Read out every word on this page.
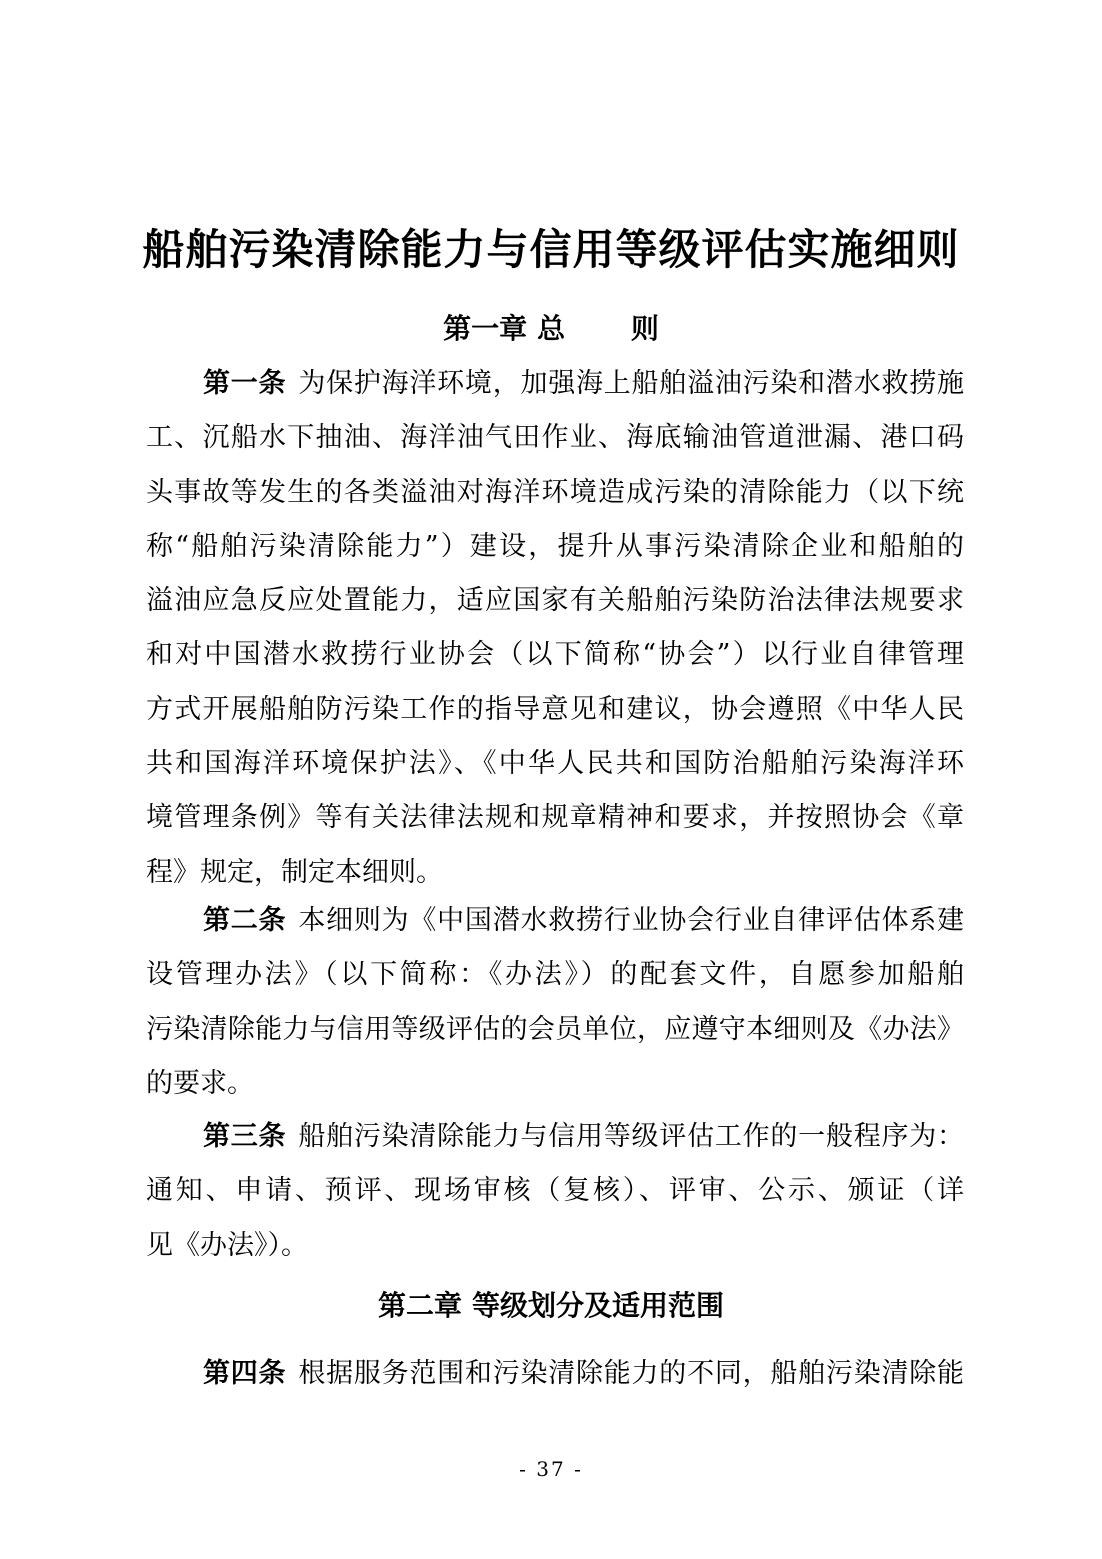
船舶污染清除能力与信用等级评估实施细则
第一章 总 则
第一条 为保护海洋环境，加强海上船舶溢油污染和潜水救捞施
工、沉船水下抽油、海洋油气田作业、海底输油管道泄漏、港口码
头事故等发生的各类溢油对海洋环境造成污染的清除能力（以下统
称“船舶污染清除能力”）建设，提升从事污染清除企业和船舶的
溢油应急反应处置能力，适应国家有关船舶污染防治法律法规要求
和对中国潜水救捞行业协会（以下简称“协会”）以行业自律管理
方式开展船舶防污染工作的指导意见和建议，协会遵照《中华人民
共和国海洋环境保护法》、《中华人民共和国防治船舶污染海洋环
境管理条例》等有关法律法规和规章精神和要求，并按照协会《章
程》规定，制定本细则。
第二条 本细则为《中国潜水救捞行业协会行业自律评估体系建
设管理办法》（以下简称：《办法》）的配套文件，自愿参加船舶
污染清除能力与信用等级评估的会员单位，应遵守本细则及《办法》
的要求。
第三条 船舶污染清除能力与信用等级评估工作的一般程序为：
通知、申请、预评、现场审核（复核）、评审、公示、颁证（详
见《办法》）。
第二章 等级划分及适用范围
第四条 根据服务范围和污染清除能力的不同，船舶污染清除能
- 37 -
